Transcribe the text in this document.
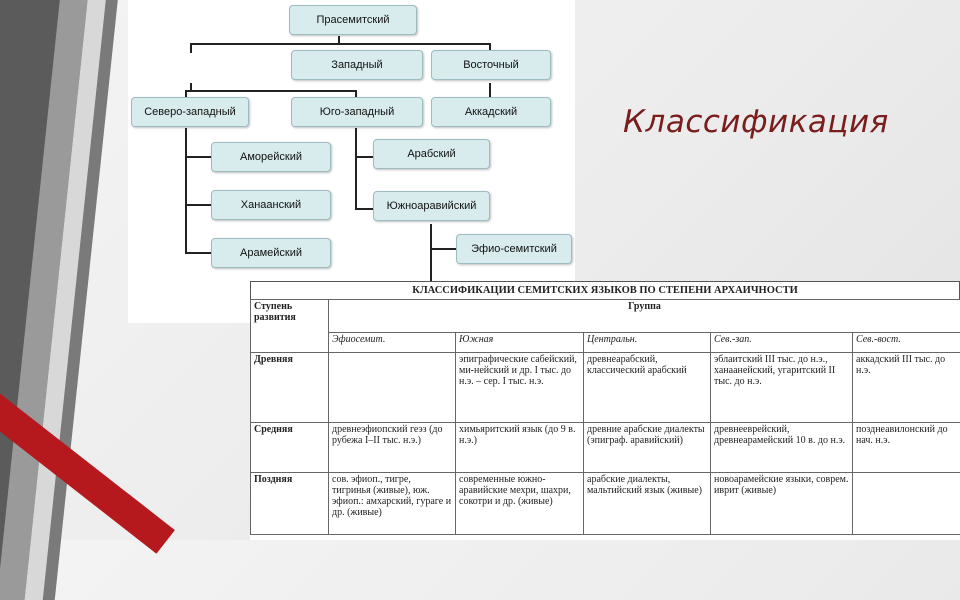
Прасемитский
Западный	Восточный
Северо-западный	Юго-западный	Аккадский
Аморейский
Ханаанский
Арамейский
Арабский
Южноаравийский
Эфио-семитский
Классификация
КЛАССИФИКАЦИИ СЕМИТСКИХ ЯЗЫКОВ ПО СТЕПЕНИ АРХАИЧНОСТИ
Ступень развития	Группа				
	Эфиосемит.	Южная	Центральн.	Сев.-зап.	Сев.-вост.
Древняя		эпиграфические сабейский, ми-нейский и др. I тыс. до н.э. – сер. I тыс. н.э.	древнеарабский, классический арабский	эблаитский III тыс. до н.э., ханаанейский, угаритский II тыс. до н.э.	аккадский III тыс. до н.э.
Средняя	древнеэфиопский геэз (до рубежа I–II тыс. н.э.)	химьяритский язык (до 9 в. н.э.)	древние арабские диалекты (эпиграф. аравийский)	древнееврейский, древнеарамейский 10 в. до н.э.	позднеавилонский до нач. н.э.
Поздняя	сов. эфиоп., тигре, тигринья (живые), юж. эфиоп.: амхарский, гураге и др. (живые)	современные южно-аравийские мехри, шахри, сокотри и др. (живые)	арабские диалекты, мальтийский язык (живые)	новоарамейские языки, соврем. иврит (живые)	
